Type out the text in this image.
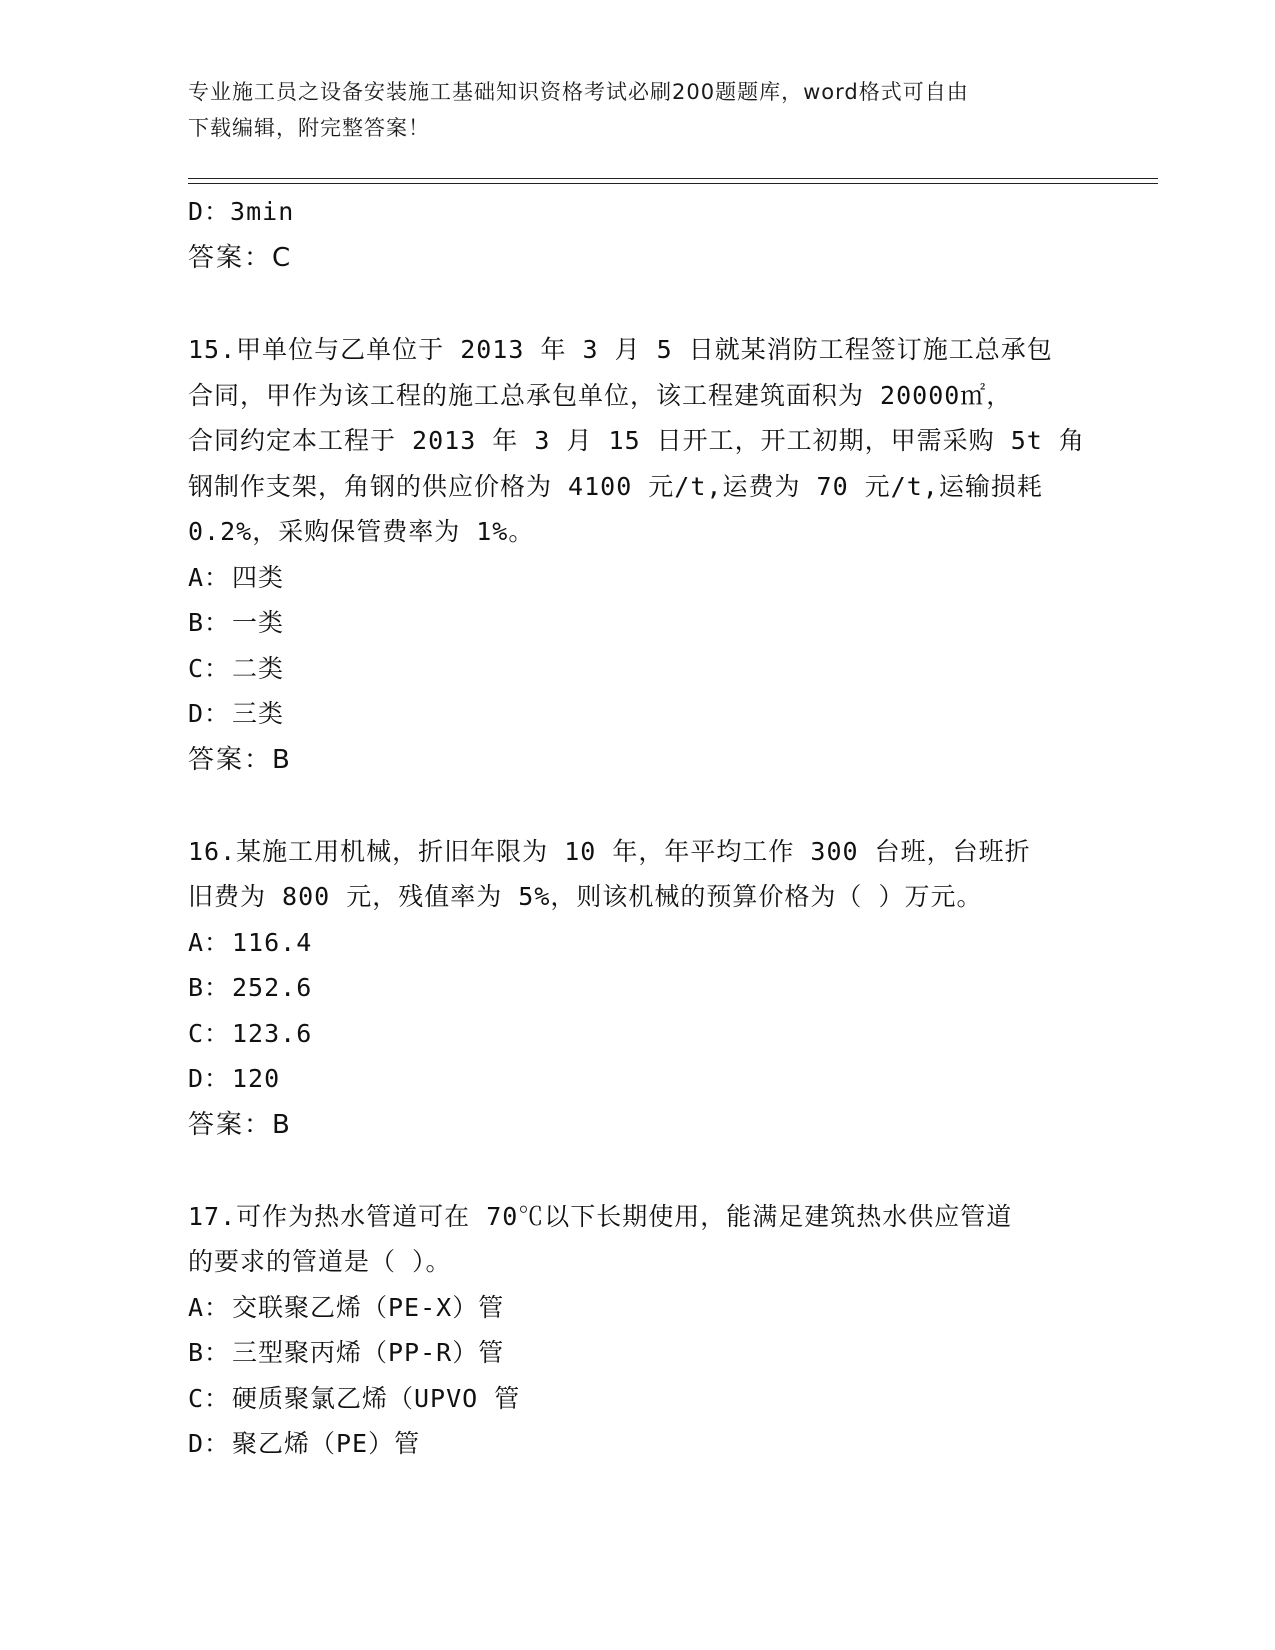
专业施工员之设备安装施工基础知识资格考试必刷200题题库，word格式可自由
下载编辑，附完整答案！
D：3min
答案：C
15.甲单位与乙单位于 2013 年 3 月 5 日就某消防工程签订施工总承包
合同，甲作为该工程的施工总承包单位，该工程建筑面积为 20000㎡，
合同约定本工程于 2013 年 3 月 15 日开工，开工初期，甲需采购 5t 角
钢制作支架，角钢的供应价格为 4100 元/t,运费为 70 元/t,运输损耗
0.2%，采购保管费率为 1%。
A：四类
B：一类
C：二类
D：三类
答案：B
16.某施工用机械，折旧年限为 10 年，年平均工作 300 台班，台班折
旧费为 800 元，残值率为 5%，则该机械的预算价格为（ ）万元。
A：116.4
B：252.6
C：123.6
D：120
答案：B
17.可作为热水管道可在 70℃以下长期使用，能满足建筑热水供应管道
的要求的管道是（ ）。
A：交联聚乙烯（PE-X）管
B：三型聚丙烯（PP-R）管
C：硬质聚氯乙烯（UPVO 管
D：聚乙烯（PE）管
